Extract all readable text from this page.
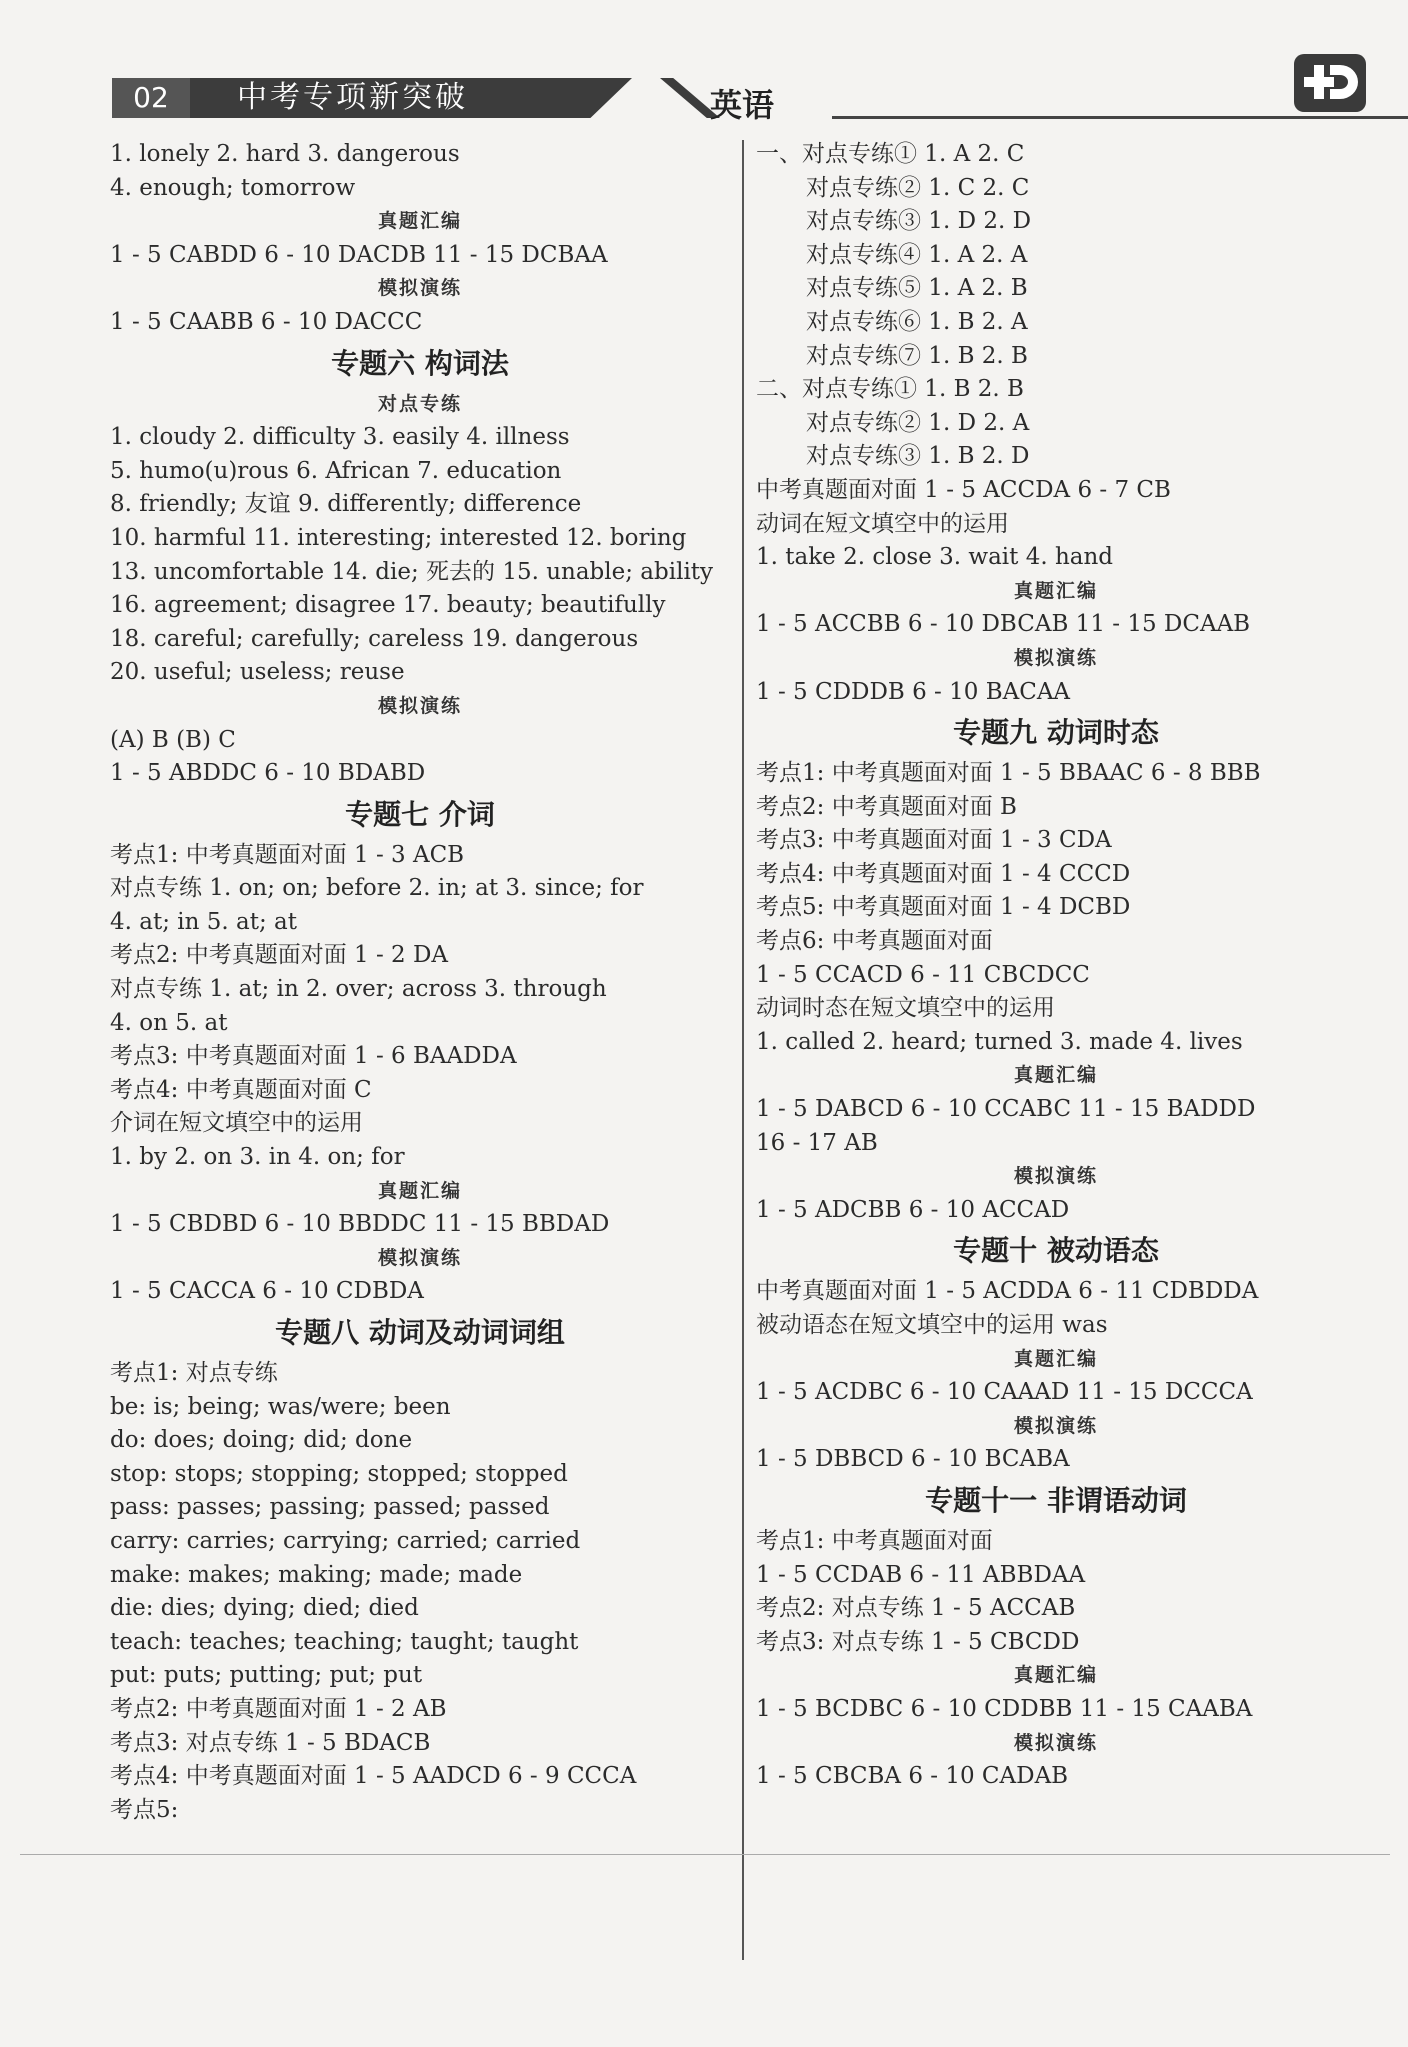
02	中考专项新突破	英语
1. lonely 2. hard 3. dangerous
4. enough; tomorrow
真题汇编
1 - 5 CABDD 6 - 10 DACDB 11 - 15 DCBAA
模拟演练
1 - 5 CAABB 6 - 10 DACCC
专题六 构词法
对点专练
1. cloudy 2. difficulty 3. easily 4. illness
5. humo(u)rous 6. African 7. education
8. friendly; 友谊 9. differently; difference
10. harmful 11. interesting; interested 12. boring
13. uncomfortable 14. die; 死去的 15. unable; ability
16. agreement; disagree 17. beauty; beautifully
18. careful; carefully; careless 19. dangerous
20. useful; useless; reuse
模拟演练
(A) B (B) C
1 - 5 ABDDC 6 - 10 BDABD
专题七 介词
考点1: 中考真题面对面 1 - 3 ACB
对点专练 1. on; on; before 2. in; at 3. since; for
4. at; in 5. at; at
考点2: 中考真题面对面 1 - 2 DA
对点专练 1. at; in 2. over; across 3. through
4. on 5. at
考点3: 中考真题面对面 1 - 6 BAADDA
考点4: 中考真题面对面 C
介词在短文填空中的运用
1. by 2. on 3. in 4. on; for
真题汇编
1 - 5 CBDBD 6 - 10 BBDDC 11 - 15 BBDAD
模拟演练
1 - 5 CACCA 6 - 10 CDBDA
专题八 动词及动词词组
考点1: 对点专练
be: is; being; was/were; been
do: does; doing; did; done
stop: stops; stopping; stopped; stopped
pass: passes; passing; passed; passed
carry: carries; carrying; carried; carried
make: makes; making; made; made
die: dies; dying; died; died
teach: teaches; teaching; taught; taught
put: puts; putting; put; put
考点2: 中考真题面对面 1 - 2 AB
考点3: 对点专练 1 - 5 BDACB
考点4: 中考真题面对面 1 - 5 AADCD 6 - 9 CCCA
考点5:
一、对点专练① 1. A 2. C
对点专练② 1. C 2. C
对点专练③ 1. D 2. D
对点专练④ 1. A 2. A
对点专练⑤ 1. A 2. B
对点专练⑥ 1. B 2. A
对点专练⑦ 1. B 2. B
二、对点专练① 1. B 2. B
对点专练② 1. D 2. A
对点专练③ 1. B 2. D
中考真题面对面 1 - 5 ACCDA 6 - 7 CB
动词在短文填空中的运用
1. take 2. close 3. wait 4. hand
真题汇编
1 - 5 ACCBB 6 - 10 DBCAB 11 - 15 DCAAB
模拟演练
1 - 5 CDDDB 6 - 10 BACAA
专题九 动词时态
考点1: 中考真题面对面 1 - 5 BBAAC 6 - 8 BBB
考点2: 中考真题面对面 B
考点3: 中考真题面对面 1 - 3 CDA
考点4: 中考真题面对面 1 - 4 CCCD
考点5: 中考真题面对面 1 - 4 DCBD
考点6: 中考真题面对面
1 - 5 CCACD 6 - 11 CBCDCC
动词时态在短文填空中的运用
1. called 2. heard; turned 3. made 4. lives
真题汇编
1 - 5 DABCD 6 - 10 CCABC 11 - 15 BADDD
16 - 17 AB
模拟演练
1 - 5 ADCBB 6 - 10 ACCAD
专题十 被动语态
中考真题面对面 1 - 5 ACDDA 6 - 11 CDBDDA
被动语态在短文填空中的运用 was
真题汇编
1 - 5 ACDBC 6 - 10 CAAAD 11 - 15 DCCCA
模拟演练
1 - 5 DBBCD 6 - 10 BCABA
专题十一 非谓语动词
考点1: 中考真题面对面
1 - 5 CCDAB 6 - 11 ABBDAA
考点2: 对点专练 1 - 5 ACCAB
考点3: 对点专练 1 - 5 CBCDD
真题汇编
1 - 5 BCDBC 6 - 10 CDDBB 11 - 15 CAABA
模拟演练
1 - 5 CBCBA 6 - 10 CADAB
